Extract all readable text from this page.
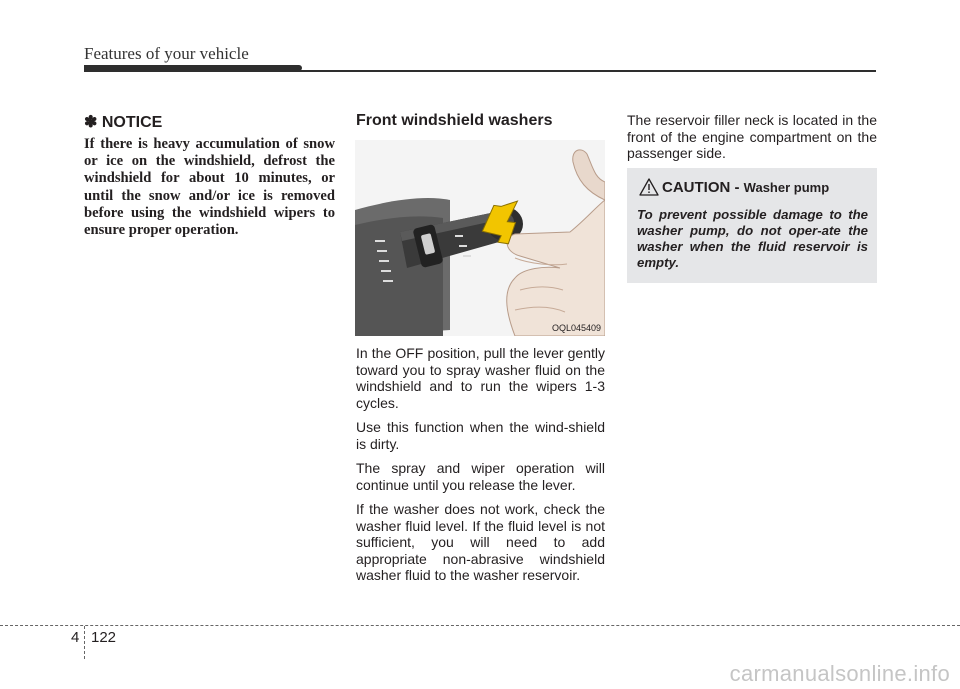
Features of your vehicle
✽ NOTICE

If there is heavy accumulation of snow or ice on the windshield, defrost the windshield for about 10 minutes, or until the snow and/or ice is removed before using the windshield wipers to ensure proper operation.

Front windshield washers
OQL045409

In the OFF position, pull the lever gently toward you to spray washer fluid on the windshield and to run the wipers 1-3 cycles.

Use this function when the wind-shield is dirty.

The spray and wiper operation will continue until you release the lever.

If the washer does not work, check the washer fluid level. If the fluid level is not sufficient, you will need to add appropriate non-abrasive windshield washer fluid to the washer reservoir.

The reservoir filler neck is located in the front of the engine compartment on the passenger side.

CAUTION - Washer pump

To prevent possible damage to the washer pump, do not oper-ate the washer when the fluid reservoir is empty.

4 122
carmanualsonline.info
